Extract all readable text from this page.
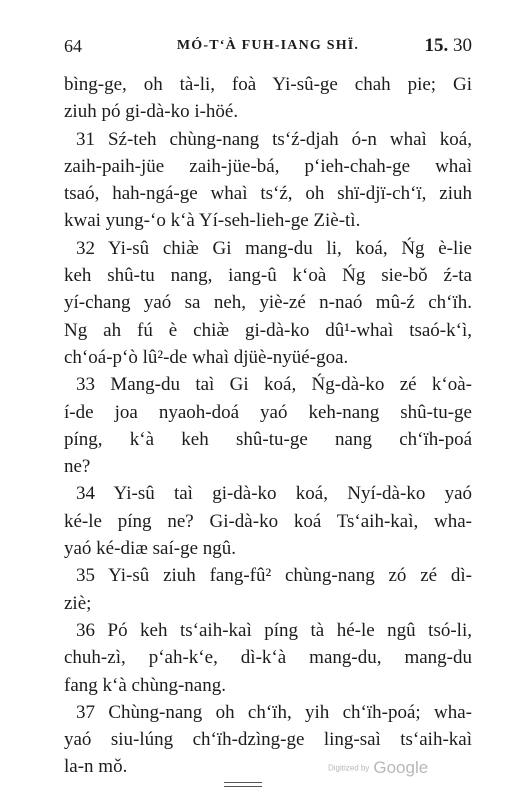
64	MÓ-T‘À FUH-IANG SHÏ.	15. 30
bìng-ge, oh tà-li, foà Yi-sû-ge chah pie; Gi
ziuh pó gi-dà-ko i-höé.
31 Sź-teh chùng-nang ts‘ź-djah ó-n whaì koá,
zaih-paih-jüe zaih-jüe-bá, p‘ieh-chah-ge whaì
tsaó, hah-ngá-ge whaì ts‘ź, oh shï-djï-ch‘ï, ziuh
kwai yung-‘o k‘à Yí-seh-lieh-ge Ziè-tì.
32 Yi-sû chiæ̀ Gi mang-du li, koá, Ńg è-lie
keh shû-tu nang, iang-û k‘oà Ńg sie-bǒ ź-ta
yí-chang yaó sa neh, yiè-zé n-naó mû-ź ch‘ïh.
Ng ah fú è chiæ̀ gi-dà-ko dû¹-whaì tsaó-k‘ì,
ch‘oá-p‘ò lû²-de whaì djüè-nyüé-goa.
33 Mang-du taì Gi koá, Ńg-dà-ko zé k‘oà-
í-de joa nyaoh-doá yaó keh-nang shû-tu-ge
píng, k‘à keh shû-tu-ge nang ch‘ïh-poá
ne?
34 Yi-sû taì gi-dà-ko koá, Nyí-dà-ko yaó
ké-le píng ne? Gi-dà-ko koá Ts‘aih-kaì, wha-
yaó ké-diæ saí-ge ngû.
35 Yi-sû ziuh fang-fû² chùng-nang zó zé dì-
ziè;
36 Pó keh ts‘aih-kaì píng tà hé-le ngû tsó-li,
chuh-zì, p‘ah-k‘e, dì-k‘à mang-du, mang-du
fang k‘à chùng-nang.
37 Chùng-nang oh ch‘ïh, yih ch‘ïh-poá; wha-
yaó siu-lúng ch‘ïh-dzìng-ge ling-saì ts‘aih-kaì
la-n mǒ.	Digitized by Google
